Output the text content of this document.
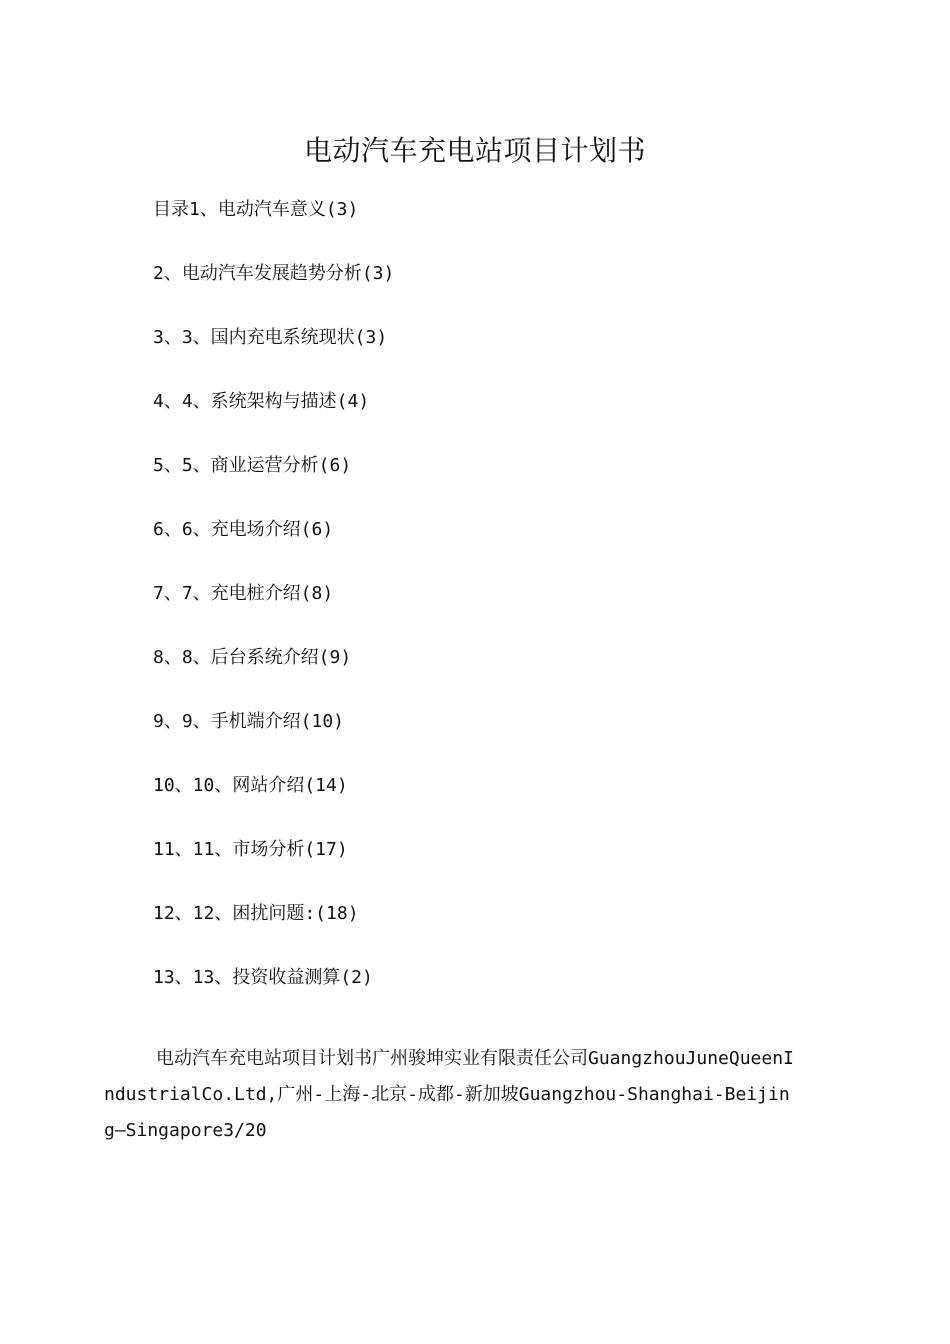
电动汽车充电站项目计划书
目录1、电动汽车意义(3)
2、电动汽车发展趋势分析(3)
3、3、国内充电系统现状(3)
4、4、系统架构与描述(4)
5、5、商业运营分析(6)
6、6、充电场介绍(6)
7、7、充电桩介绍(8)
8、8、后台系统介绍(9)
9、9、手机端介绍(10)
10、10、网站介绍(14)
11、11、市场分析(17)
12、12、困扰问题:(18)
13、13、投资收益测算(2)

电动汽车充电站项目计划书广州骏坤实业有限责任公司GuangzhouJuneQueenIndustrialCo.Ltd,广州-上海-北京-成都-新加坡Guangzhou-Shanghai-Beijing—Singapore3/20
